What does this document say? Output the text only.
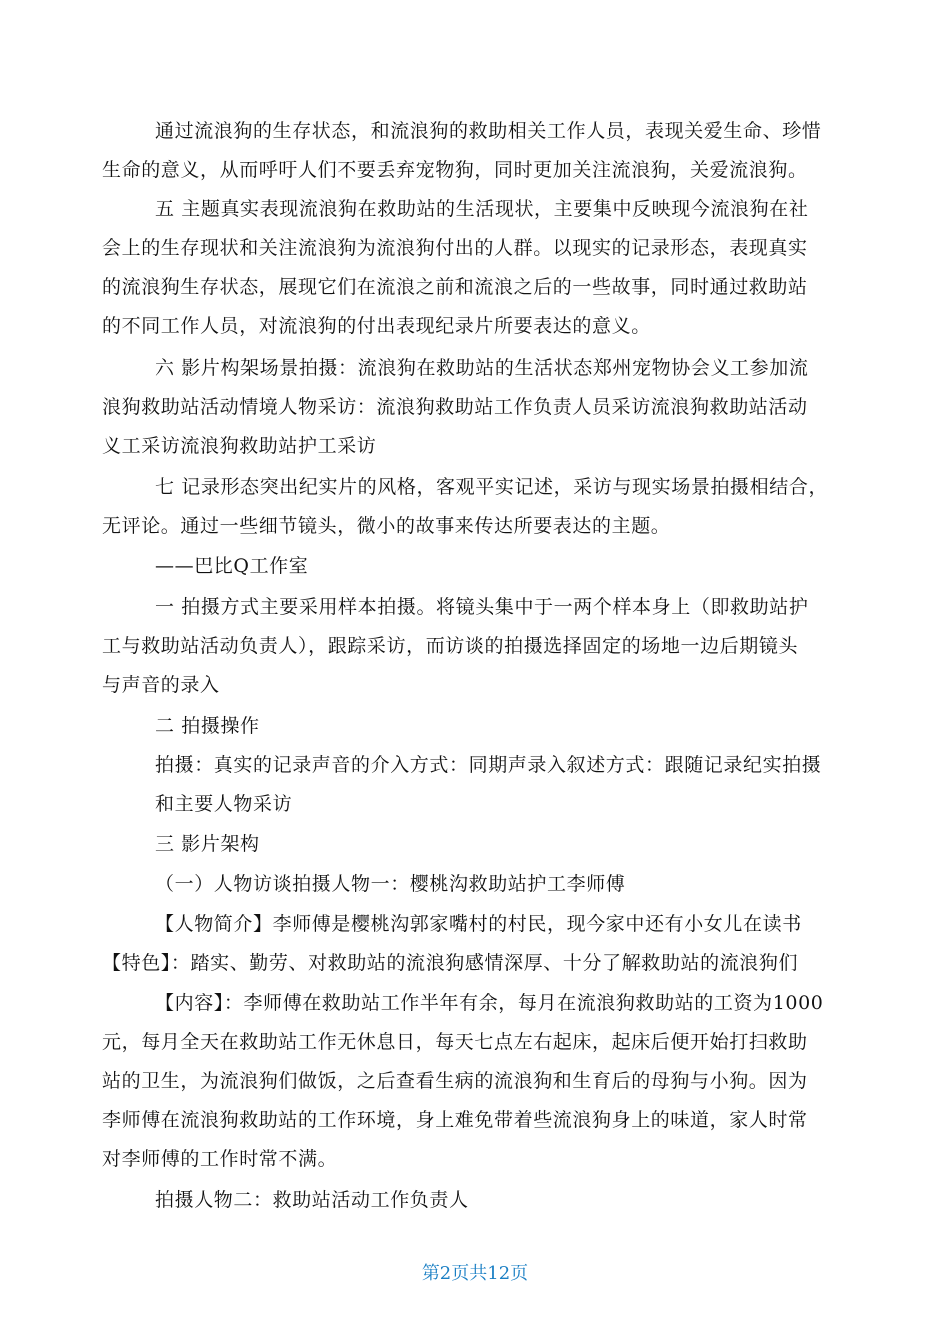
通过流浪狗的生存状态，和流浪狗的救助相关工作人员，表现关爱生命、珍惜
生命的意义，从而呼吁人们不要丢弃宠物狗，同时更加关注流浪狗，关爱流浪狗。
五 主题真实表现流浪狗在救助站的生活现状，主要集中反映现今流浪狗在社
会上的生存现状和关注流浪狗为流浪狗付出的人群。以现实的记录形态，表现真实
的流浪狗生存状态，展现它们在流浪之前和流浪之后的一些故事，同时通过救助站
的不同工作人员，对流浪狗的付出表现纪录片所要表达的意义。
六 影片构架场景拍摄：流浪狗在救助站的生活状态郑州宠物协会义工参加流
浪狗救助站活动情境人物采访：流浪狗救助站工作负责人员采访流浪狗救助站活动
义工采访流浪狗救助站护工采访
七 记录形态突出纪实片的风格，客观平实记述，采访与现实场景拍摄相结合，
无评论。通过一些细节镜头，微小的故事来传达所要表达的主题。
——巴比Q工作室
一 拍摄方式主要采用样本拍摄。将镜头集中于一两个样本身上（即救助站护
工与救助站活动负责人），跟踪采访，而访谈的拍摄选择固定的场地一边后期镜头
与声音的录入
二 拍摄操作
拍摄：真实的记录声音的介入方式：同期声录入叙述方式：跟随记录纪实拍摄
和主要人物采访
三 影片架构
（一）人物访谈拍摄人物一：樱桃沟救助站护工李师傅
【人物简介】李师傅是樱桃沟郭家嘴村的村民，现今家中还有小女儿在读书
【特色】：踏实、勤劳、对救助站的流浪狗感情深厚、十分了解救助站的流浪狗们
【内容】：李师傅在救助站工作半年有余，每月在流浪狗救助站的工资为1000
元，每月全天在救助站工作无休息日，每天七点左右起床，起床后便开始打扫救助
站的卫生，为流浪狗们做饭，之后查看生病的流浪狗和生育后的母狗与小狗。因为
李师傅在流浪狗救助站的工作环境，身上难免带着些流浪狗身上的味道，家人时常
对李师傅的工作时常不满。
拍摄人物二：救助站活动工作负责人
第2页共12页
